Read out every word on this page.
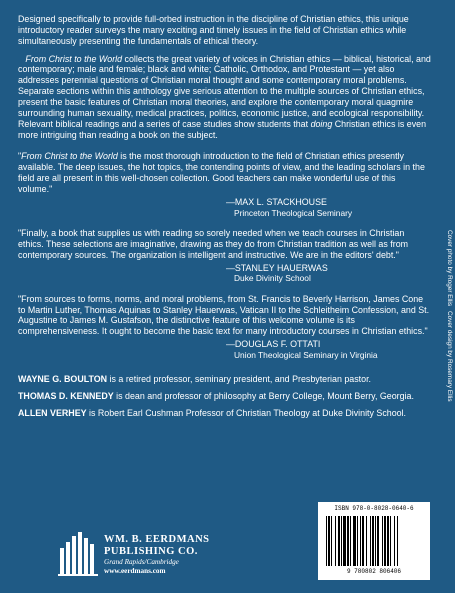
Designed specifically to provide full-orbed instruction in the discipline of Christian ethics, this unique introductory reader surveys the many exciting and timely issues in the field of Christian ethics while simultaneously presenting the fundamentals of ethical theory.

From Christ to the World collects the great variety of voices in Christian ethics — biblical, historical, and contemporary; male and female; black and white; Catholic, Orthodox, and Protestant — yet also addresses perennial questions of Christian moral thought and some contemporary moral problems. Separate sections within this anthology give serious attention to the multiple sources of Christian ethics, present the basic features of Christian moral theories, and explore the contemporary moral quagmire surrounding human sexuality, medical practices, politics, economic justice, and ecological responsibility. Relevant biblical readings and a series of case studies show students that doing Christian ethics is even more intriguing than reading a book on the subject.

"From Christ to the World is the most thorough introduction to the field of Christian ethics presently available. The deep issues, the hot topics, the contending points of view, and the leading scholars in the field are all present in this well-chosen collection. Good teachers can make wonderful use of this volume."

—MAX L. STACKHOUSE
Princeton Theological Seminary

"Finally, a book that supplies us with reading so sorely needed when we teach courses in Christian ethics. These selections are imaginative, drawing as they do from Christian tradition as well as from contemporary sources. The organization is intelligent and instructive. We are in the editors' debt."

—STANLEY HAUERWAS
Duke Divinity School

"From sources to forms, norms, and moral problems, from St. Francis to Beverly Harrison, James Cone to Martin Luther, Thomas Aquinas to Stanley Hauerwas, Vatican II to the Schleitheim Confession, and St. Augustine to James M. Gustafson, the distinctive feature of this welcome volume is its comprehensiveness. It ought to become the basic text for many introductory courses in Christian ethics."

—DOUGLAS F. OTTATI
Union Theological Seminary in Virginia

WAYNE G. BOULTON is a retired professor, seminary president, and Presbyterian pastor.

THOMAS D. KENNEDY is dean and professor of philosophy at Berry College, Mount Berry, Georgia.

ALLEN VERHEY is Robert Earl Cushman Professor of Christian Theology at Duke Divinity School.

Cover photo by Roger Ellis   Cover design by Rosemary Ellis
WM. B. EERDMANS
PUBLISHING CO.
Grand Rapids/Cambridge
www.eerdmans.com
ISBN 978-0-8028-0640-6
9 780802 806406
